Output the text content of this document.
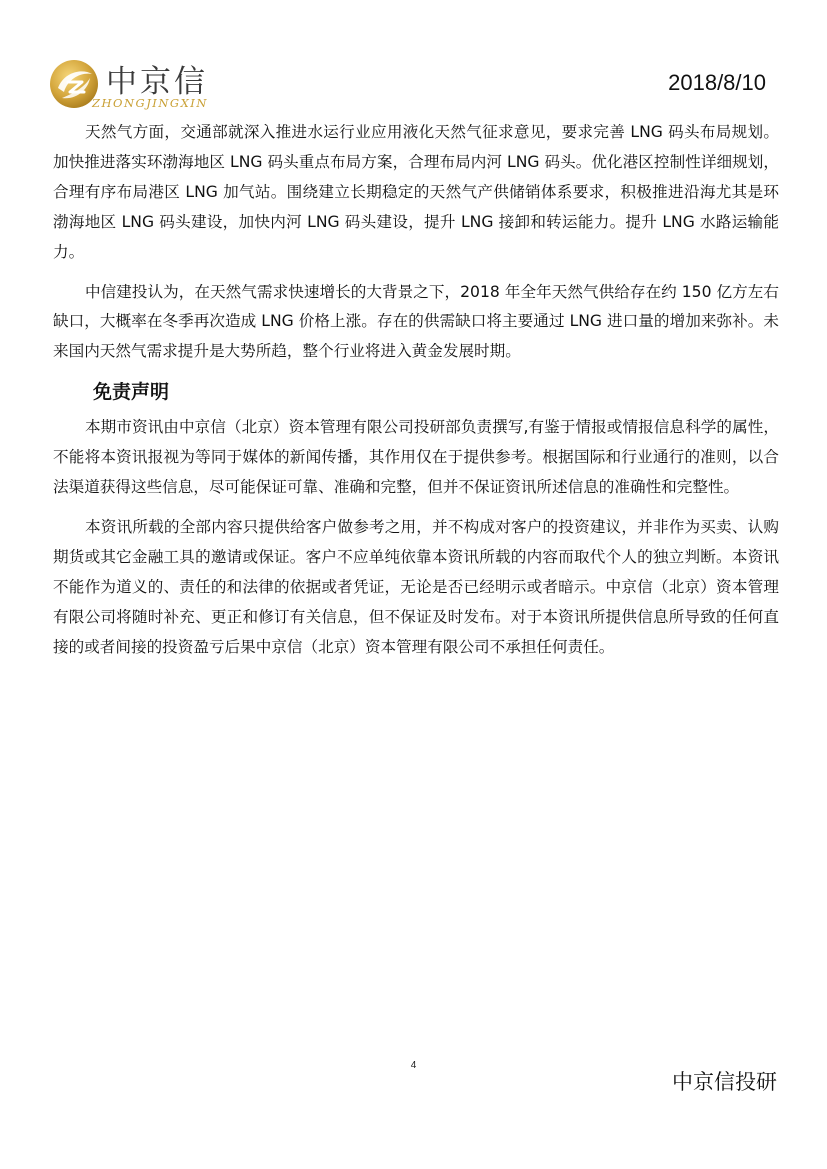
中京信
ZHONGJINGXIN
2018/8/10

天然气方面，交通部就深入推进水运行业应用液化天然气征求意见，要求完善 LNG 码头布局规划。加快推进落实环渤海地区 LNG 码头重点布局方案，合理布局内河 LNG 码头。优化港区控制性详细规划，合理有序布局港区 LNG 加气站。围绕建立长期稳定的天然气产供储销体系要求，积极推进沿海尤其是环渤海地区 LNG 码头建设，加快内河 LNG 码头建设，提升 LNG 接卸和转运能力。提升 LNG 水路运输能力。

中信建投认为，在天然气需求快速增长的大背景之下，2018 年全年天然气供给存在约 150 亿方左右缺口，大概率在冬季再次造成 LNG 价格上涨。存在的供需缺口将主要通过 LNG 进口量的增加来弥补。未来国内天然气需求提升是大势所趋，整个行业将进入黄金发展时期。

免责声明

本期市资讯由中京信（北京）资本管理有限公司投研部负责撰写,有鉴于情报或情报信息科学的属性，不能将本资讯报视为等同于媒体的新闻传播，其作用仅在于提供参考。根据国际和行业通行的准则，以合法渠道获得这些信息，尽可能保证可靠、准确和完整，但并不保证资讯所述信息的准确性和完整性。

本资讯所载的全部内容只提供给客户做参考之用，并不构成对客户的投资建议，并非作为买卖、认购期货或其它金融工具的邀请或保证。客户不应单纯依靠本资讯所载的内容而取代个人的独立判断。本资讯不能作为道义的、责任的和法律的依据或者凭证，无论是否已经明示或者暗示。中京信（北京）资本管理有限公司将随时补充、更正和修订有关信息，但不保证及时发布。对于本资讯所提供信息所导致的任何直接的或者间接的投资盈亏后果中京信（北京）资本管理有限公司不承担任何责任。

4
中京信投研
